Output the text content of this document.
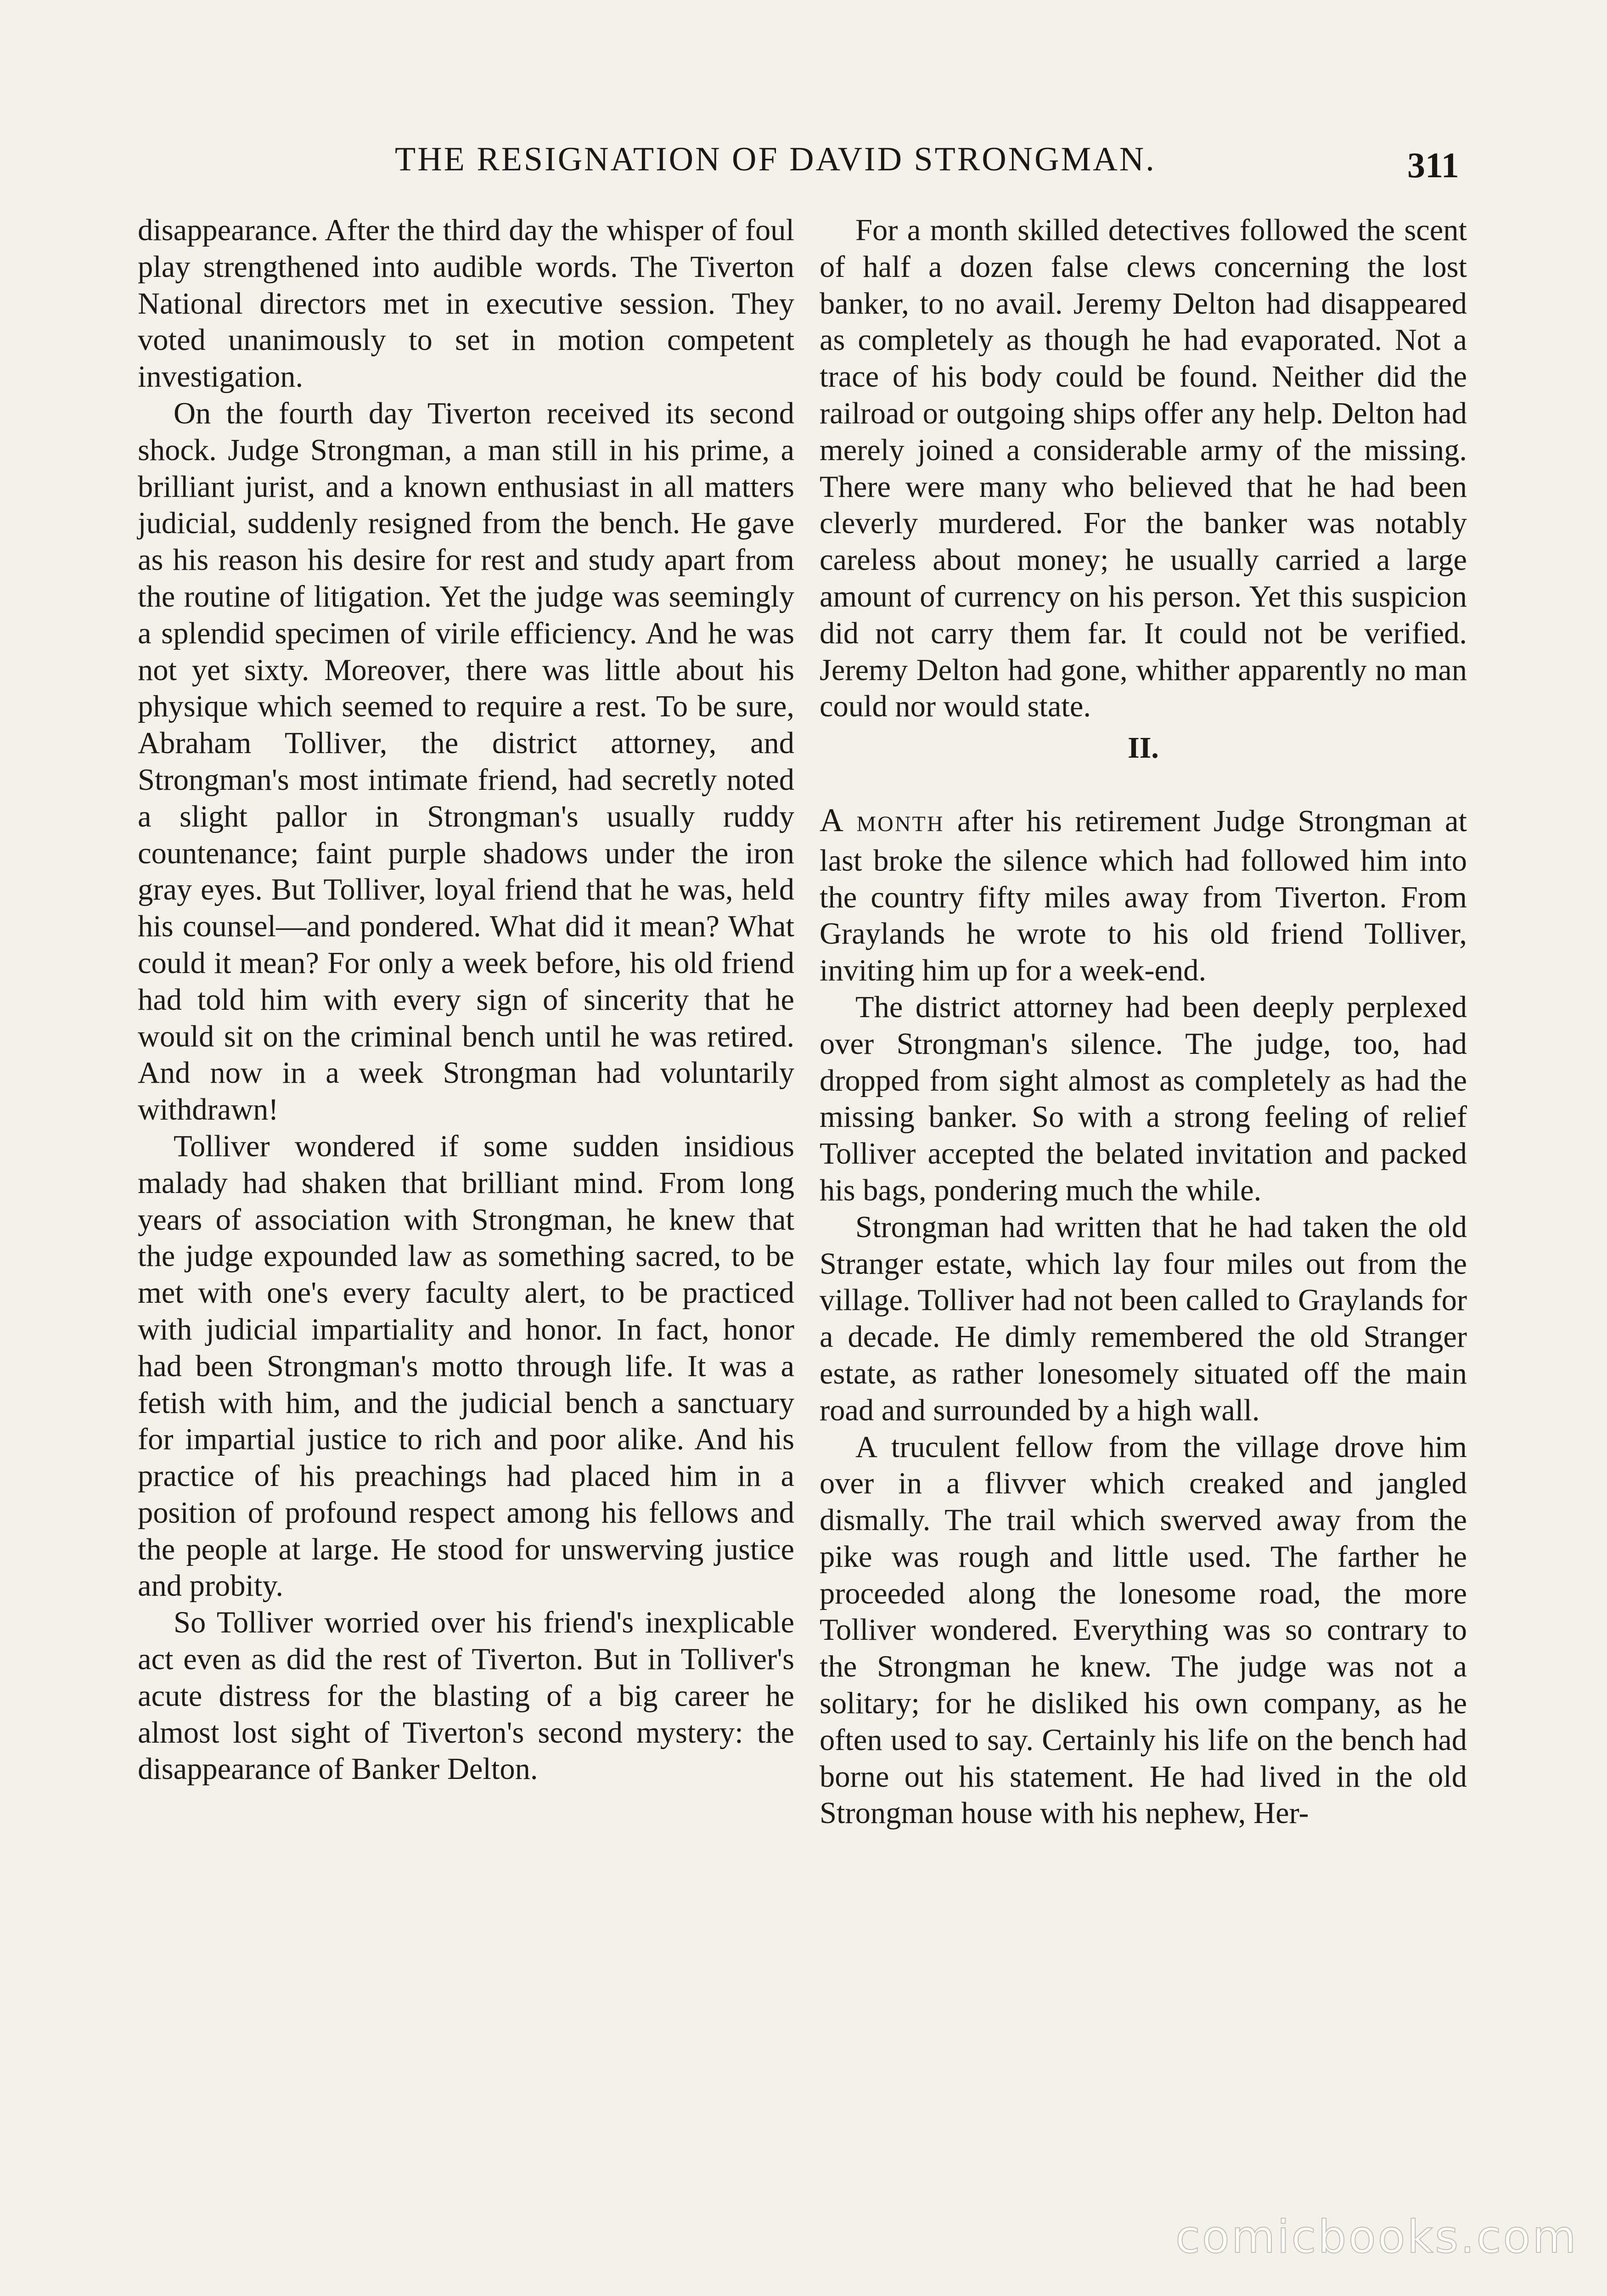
THE RESIGNATION OF DAVID STRONGMAN.	311

disappearance. After the third day the whisper of foul play strengthened into audible words. The Tiverton National directors met in executive session. They voted unanimously to set in motion competent investigation.

On the fourth day Tiverton received its second shock. Judge Strongman, a man still in his prime, a brilliant jurist, and a known enthusiast in all matters judicial, suddenly resigned from the bench. He gave as his reason his desire for rest and study apart from the routine of litigation. Yet the judge was seemingly a splendid specimen of virile efficiency. And he was not yet sixty. Moreover, there was little about his physique which seemed to require a rest. To be sure, Abraham Tolliver, the district attorney, and Strongman's most intimate friend, had secretly noted a slight pallor in Strongman's usually ruddy countenance; faint purple shadows under the iron gray eyes. But Tolliver, loyal friend that he was, held his counsel—and pondered. What did it mean? What could it mean? For only a week before, his old friend had told him with every sign of sincerity that he would sit on the criminal bench until he was retired. And now in a week Strongman had voluntarily withdrawn!

Tolliver wondered if some sudden insidious malady had shaken that brilliant mind. From long years of association with Strongman, he knew that the judge expounded law as something sacred, to be met with one's every faculty alert, to be practiced with judicial impartiality and honor. In fact, honor had been Strongman's motto through life. It was a fetish with him, and the judicial bench a sanctuary for impartial justice to rich and poor alike. And his practice of his preachings had placed him in a position of profound respect among his fellows and the people at large. He stood for unswerving justice and probity.

So Tolliver worried over his friend's inexplicable act even as did the rest of Tiverton. But in Tolliver's acute distress for the blasting of a big career he almost lost sight of Tiverton's second mystery: the disappearance of Banker Delton.

For a month skilled detectives followed the scent of half a dozen false clews concerning the lost banker, to no avail. Jeremy Delton had disappeared as completely as though he had evaporated. Not a trace of his body could be found. Neither did the railroad or outgoing ships offer any help. Delton had merely joined a considerable army of the missing. There were many who believed that he had been cleverly murdered. For the banker was notably careless about money; he usually carried a large amount of currency on his person. Yet this suspicion did not carry them far. It could not be verified. Jeremy Delton had gone, whither apparently no man could nor would state.

II.

A MONTH after his retirement Judge Strongman at last broke the silence which had followed him into the country fifty miles away from Tiverton. From Graylands he wrote to his old friend Tolliver, inviting him up for a week-end.

The district attorney had been deeply perplexed over Strongman's silence. The judge, too, had dropped from sight almost as completely as had the missing banker. So with a strong feeling of relief Tolliver accepted the belated invitation and packed his bags, pondering much the while.

Strongman had written that he had taken the old Stranger estate, which lay four miles out from the village. Tolliver had not been called to Graylands for a decade. He dimly remembered the old Stranger estate, as rather lonesomely situated off the main road and surrounded by a high wall.

A truculent fellow from the village drove him over in a flivver which creaked and jangled dismally. The trail which swerved away from the pike was rough and little used. The farther he proceeded along the lonesome road, the more Tolliver wondered. Everything was so contrary to the Strongman he knew. The judge was not a solitary; for he disliked his own company, as he often used to say. Certainly his life on the bench had borne out his statement. He had lived in the old Strongman house with his nephew, Her-

comicbooks.com
